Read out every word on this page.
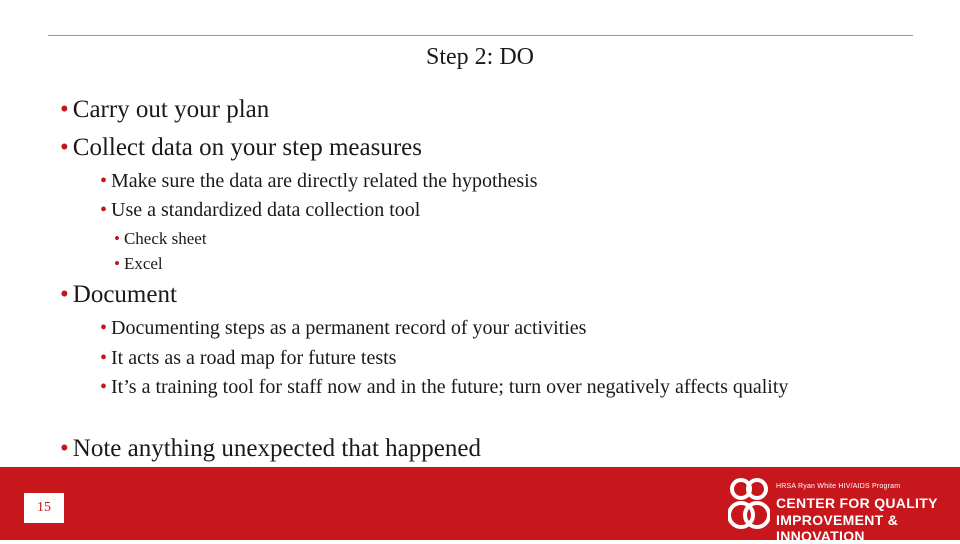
Step 2: DO
• Carry out your plan
• Collect data on your step measures
• Make sure the data are directly related the hypothesis
• Use a standardized data collection tool
• Check sheet
• Excel
• Document
• Documenting steps as a permanent record of your activities
• It acts as a road map for future tests
• It’s a training tool for staff now and in the future; turn over negatively affects quality
• Note anything unexpected that happened
15
HRSA Ryan White HIV/AIDS Program
CENTER FOR QUALITY
IMPROVEMENT & INNOVATION
